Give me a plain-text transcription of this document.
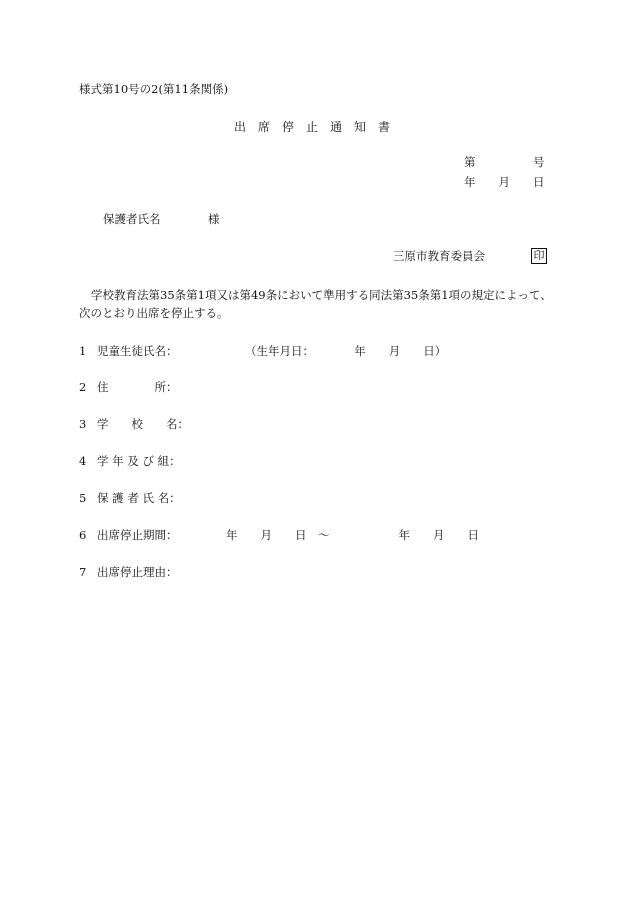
様式第10号の2(第11条関係)
出　席　停　止　通　知　書
第　　　　　号
年　　月　　日
保護者氏名	様
三原市教育委員会	印
学校教育法第35条第1項又は第49条において準用する同法第35条第1項の規定によって、
次のとおり出席を停止する。
1 児童生徒氏名：	（生年月日：　　　　年　　月　　日）
2 住　　　　所：
3 学　　校　　名：
4 学 年 及 び 組：
5 保 護 者 氏 名：
6 出席停止期間：	年　　月　　日　～　　　　　　年　　月　　日
7 出席停止理由：
